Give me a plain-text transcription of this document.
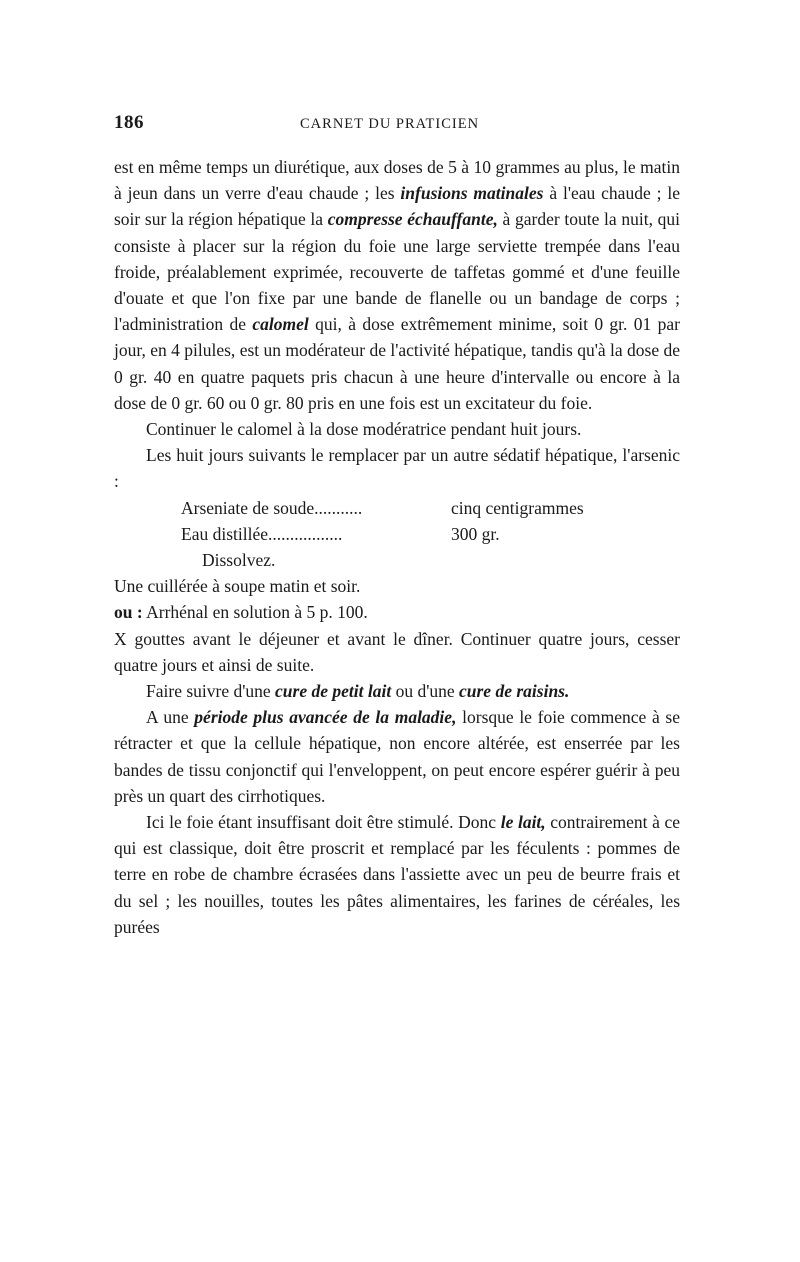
186	CARNET DU PRATICIEN

est en même temps un diurétique, aux doses de 5 à 10 grammes au plus, le matin à jeun dans un verre d'eau chaude ; les infusions matinales à l'eau chaude ; le soir sur la région hépatique la compresse échauffante, à garder toute la nuit, qui consiste à placer sur la région du foie une large serviette trempée dans l'eau froide, préalablement exprimée, recouverte de taffetas gommé et d'une feuille d'ouate et que l'on fixe par une bande de flanelle ou un bandage de corps ; l'administration de calomel qui, à dose extrêmement minime, soit 0 gr. 01 par jour, en 4 pilules, est un modérateur de l'activité hépatique, tandis qu'à la dose de 0 gr. 40 en quatre paquets pris chacun à une heure d'intervalle ou encore à la dose de 0 gr. 60 ou 0 gr. 80 pris en une fois est un excitateur du foie.

Continuer le calomel à la dose modératrice pendant huit jours.

Les huit jours suivants le remplacer par un autre sédatif hépatique, l'arsenic :

Arseniate de soude...........	cinq centigrammes
Eau distillée.................	300 gr.

Dissolvez.

Une cuillérée à soupe matin et soir.

ou : Arrhénal en solution à 5 p. 100.

X gouttes avant le déjeuner et avant le dîner. Continuer quatre jours, cesser quatre jours et ainsi de suite.

Faire suivre d'une cure de petit lait ou d'une cure de raisins.

A une période plus avancée de la maladie, lorsque le foie commence à se rétracter et que la cellule hépatique, non encore altérée, est enserrée par les bandes de tissu conjonctif qui l'enveloppent, on peut encore espérer guérir à peu près un quart des cirrhotiques.

Ici le foie étant insuffisant doit être stimulé. Donc le lait, contrairement à ce qui est classique, doit être proscrit et remplacé par les féculents : pommes de terre en robe de chambre écrasées dans l'assiette avec un peu de beurre frais et du sel ; les nouilles, toutes les pâtes alimentaires, les farines de céréales, les purées
